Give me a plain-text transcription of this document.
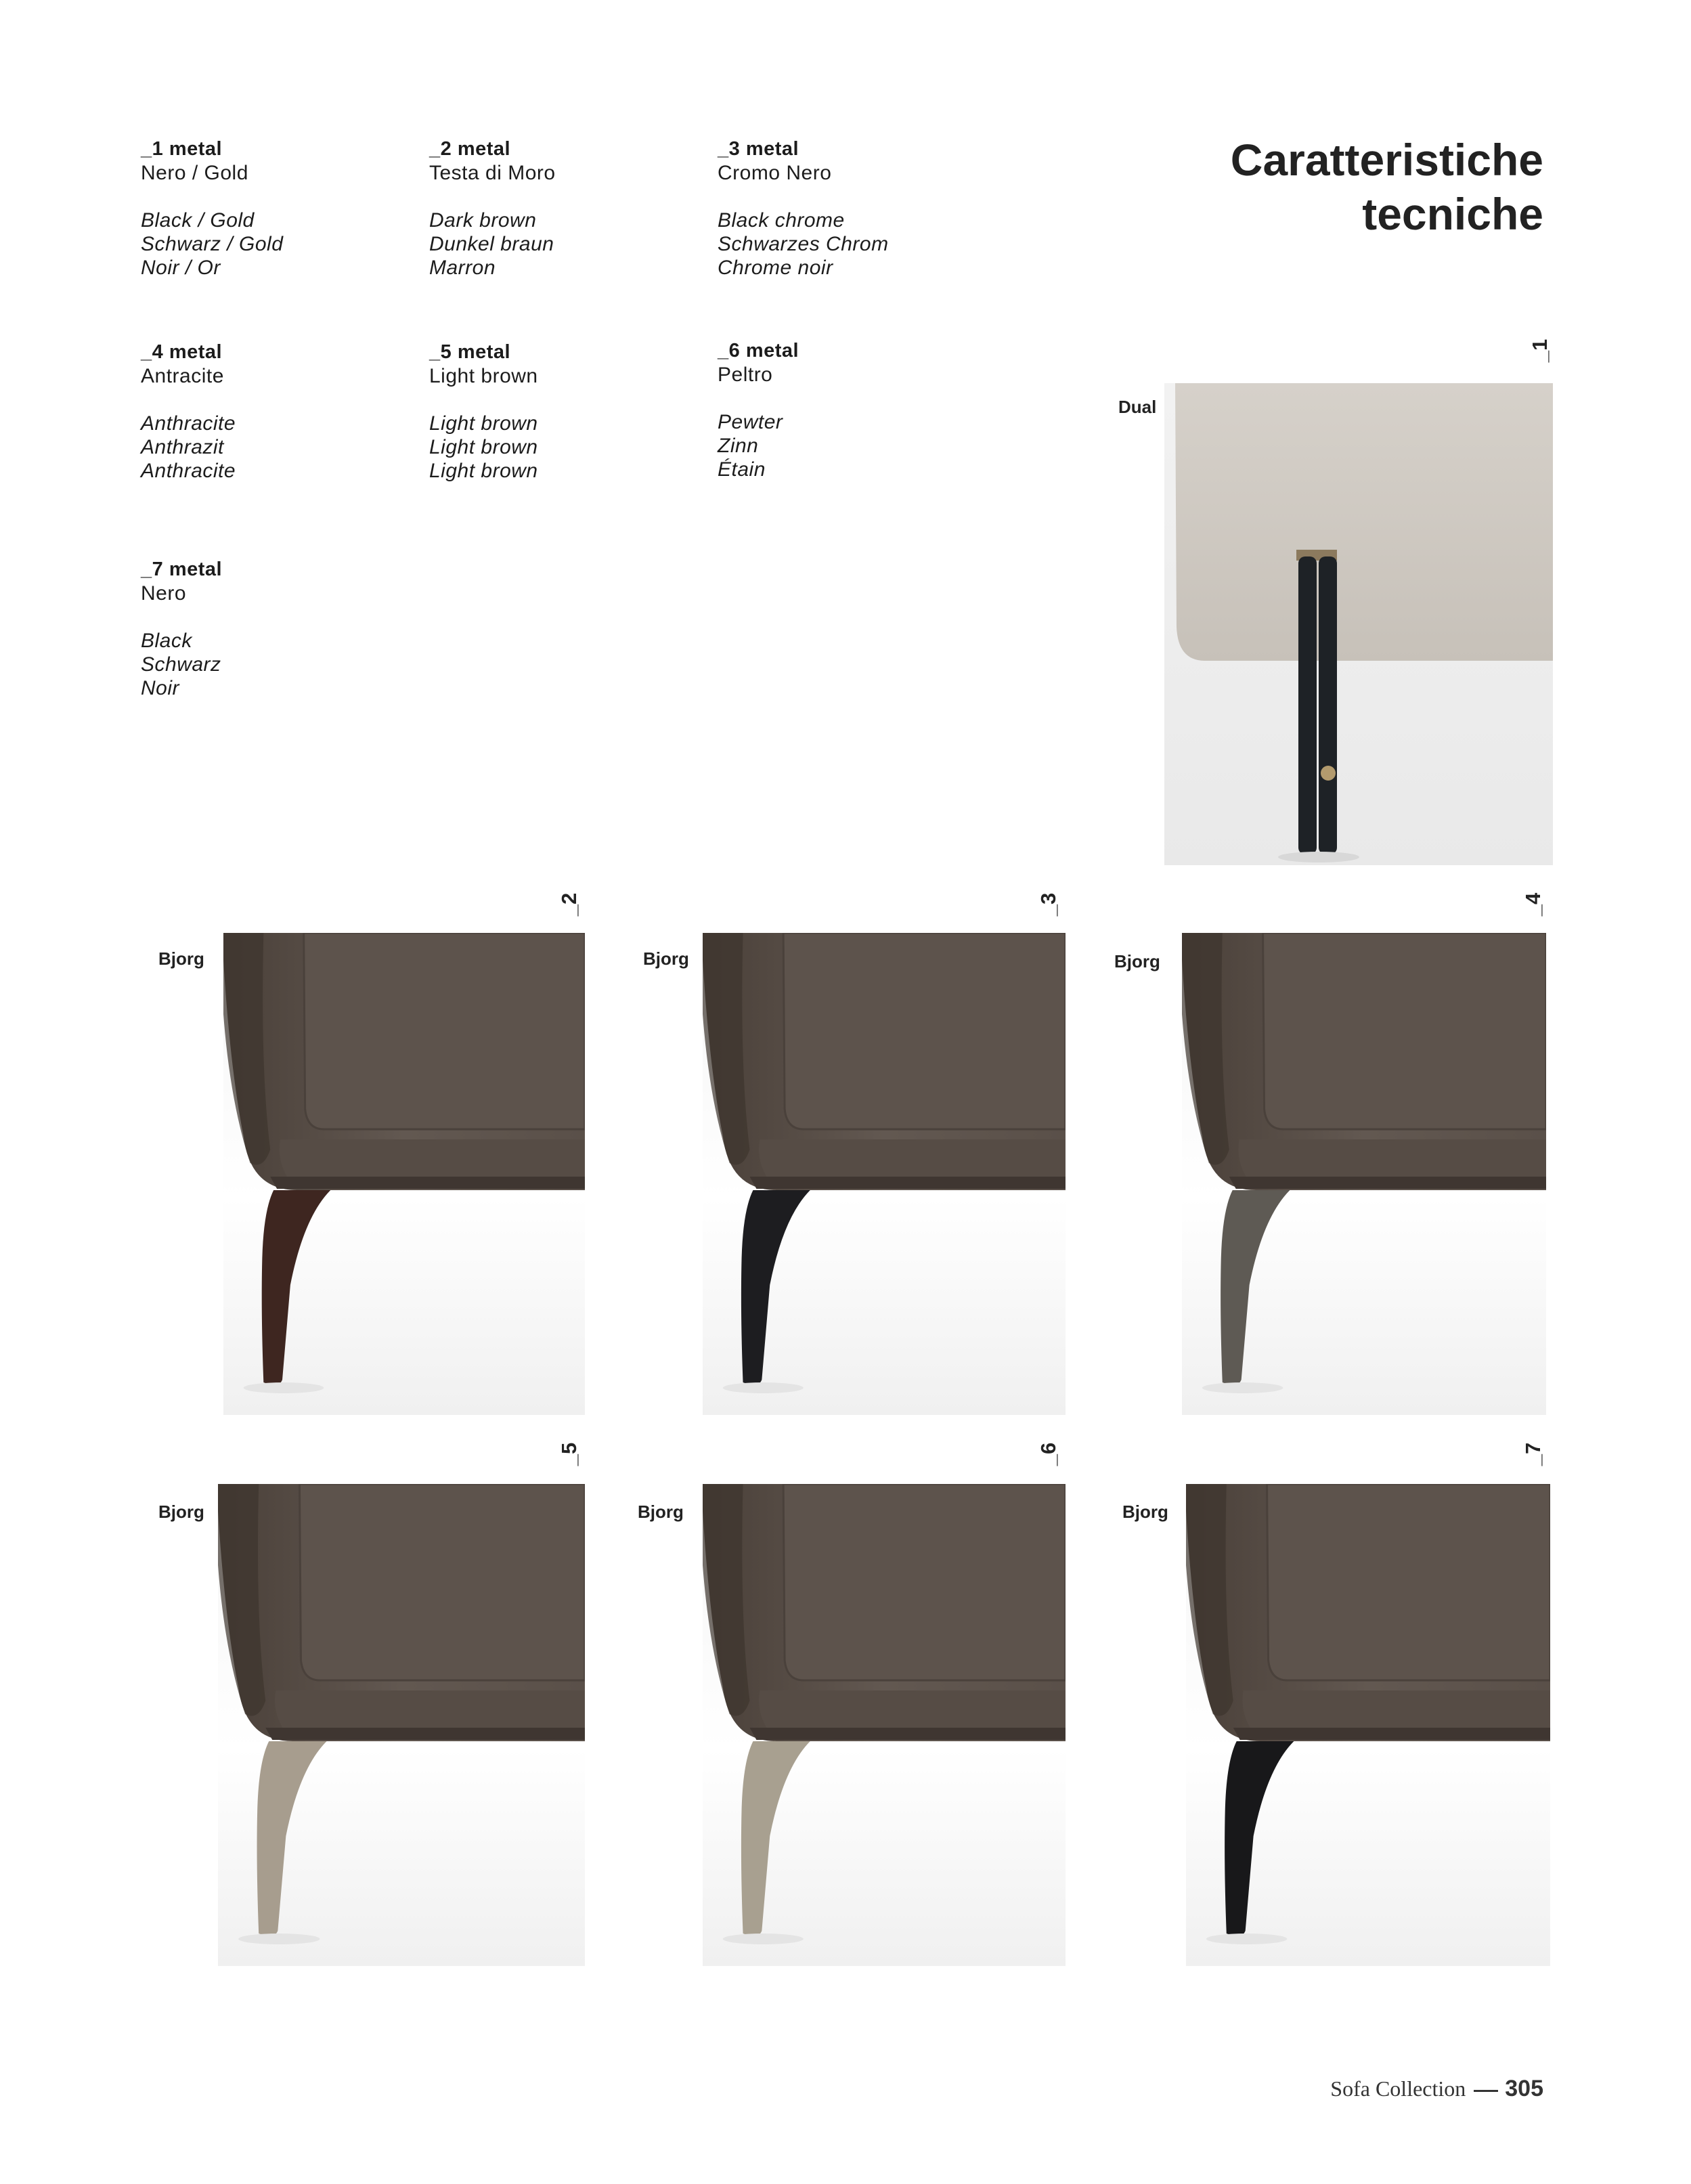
Caratteristiche
tecniche
_1 metal
Nero / Gold
Black / Gold
Schwarz / Gold
Noir / Or
_2 metal
Testa di Moro
Dark brown
Dunkel braun
Marron
_3 metal
Cromo Nero
Black chrome
Schwarzes Chrom
Chrome noir
_4 metal
Antracite
Anthracite
Anthrazit
Anthracite
_5 metal
Light brown
Light brown
Light brown
Light brown
_6 metal
Peltro
Pewter
Zinn
Étain
_7 metal
Nero
Black
Schwarz
Noir
_1
Dual
_2
Bjorg
_3
Bjorg
_4
Bjorg
_5
Bjorg
_6
Bjorg
_7
Bjorg
Sofa Collection 305
